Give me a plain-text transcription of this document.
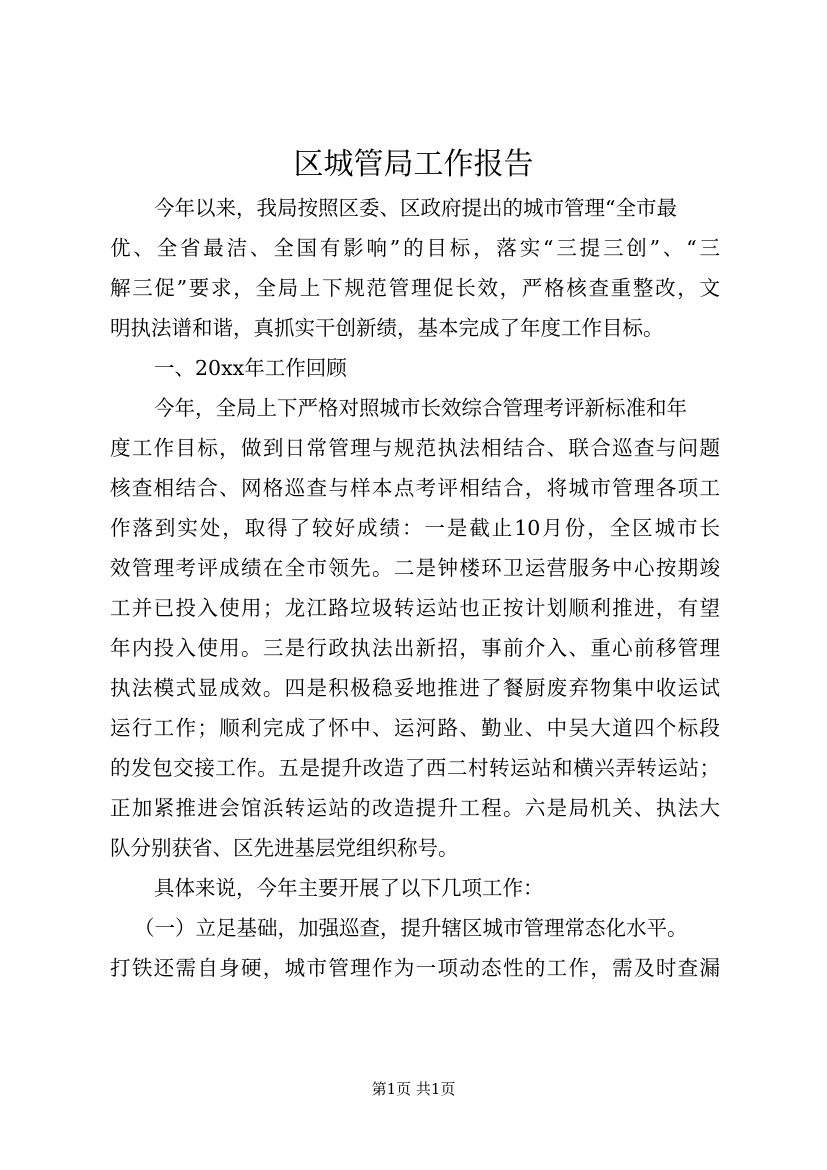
区城管局工作报告
今年以来，我局按照区委、区政府提出的城市管理“全市最
优、全省最洁、全国有影响”的目标，落实“三提三创”、“三
解三促”要求，全局上下规范管理促长效，严格核查重整改，文
明执法谱和谐，真抓实干创新绩，基本完成了年度工作目标。
一、20xx年工作回顾
今年，全局上下严格对照城市长效综合管理考评新标准和年
度工作目标，做到日常管理与规范执法相结合、联合巡查与问题
核查相结合、网格巡查与样本点考评相结合，将城市管理各项工
作落到实处，取得了较好成绩：一是截止10月份，全区城市长
效管理考评成绩在全市领先。二是钟楼环卫运营服务中心按期竣
工并已投入使用；龙江路垃圾转运站也正按计划顺利推进，有望
年内投入使用。三是行政执法出新招，事前介入、重心前移管理
执法模式显成效。四是积极稳妥地推进了餐厨废弃物集中收运试
运行工作；顺利完成了怀中、运河路、勤业、中吴大道四个标段
的发包交接工作。五是提升改造了西二村转运站和横兴弄转运站；
正加紧推进会馆浜转运站的改造提升工程。六是局机关、执法大
队分别获省、区先进基层党组织称号。
具体来说，今年主要开展了以下几项工作：
（一）立足基础，加强巡查，提升辖区城市管理常态化水平。
打铁还需自身硬，城市管理作为一项动态性的工作，需及时查漏
第1页 共1页
